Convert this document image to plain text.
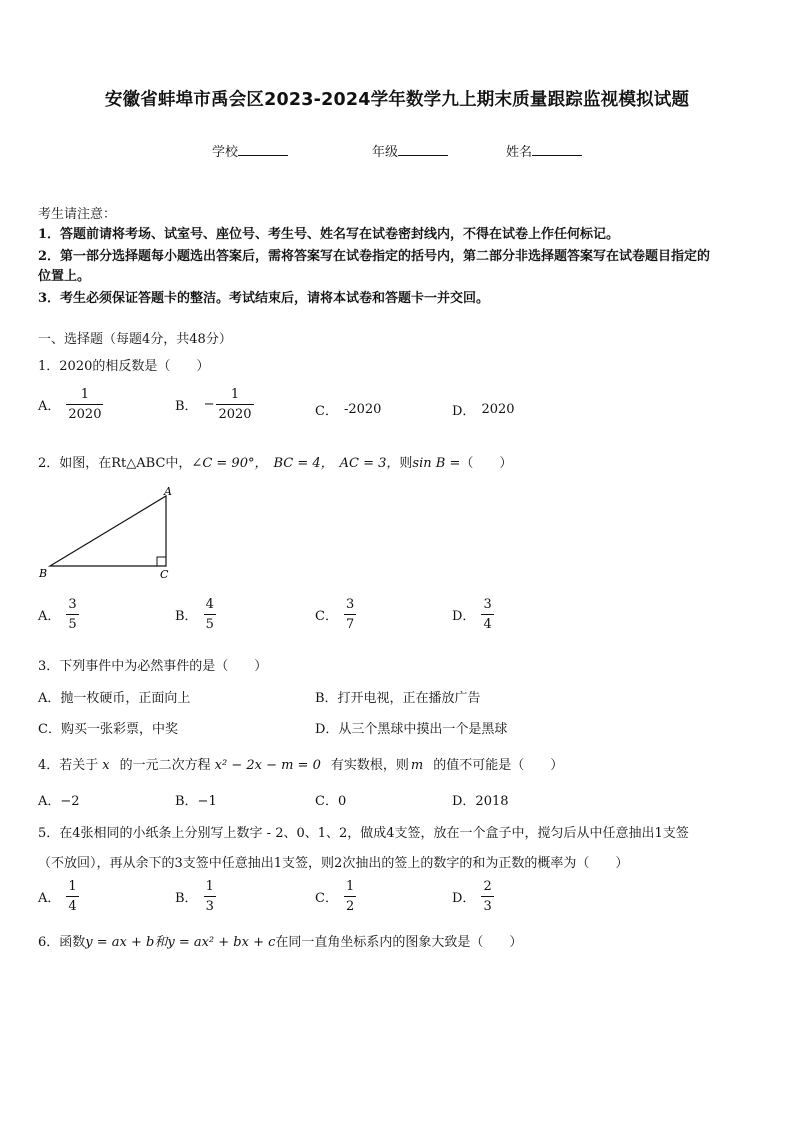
安徽省蚌埠市禹会区2023-2024学年数学九上期末质量跟踪监视模拟试题
学校	年级	姓名
考生请注意：
1．答题前请将考场、试室号、座位号、考生号、姓名写在试卷密封线内，不得在试卷上作任何标记。
2．第一部分选择题每小题选出答案后，需将答案写在试卷指定的括号内，第二部分非选择题答案写在试卷题目指定的
位置上。
3．考生必须保证答题卡的整洁。考试结束后，请将本试卷和答题卡一并交回。
一、选择题（每题4分，共48分）
1．2020的相反数是（　　）
A． $\frac{1}{2020}$	B． − $\frac{1}{2020}$	C． -2020	D． 2020
2．如图，在Rt△ABC中，∠C = 90°， BC = 4， AC = 3，则sin B =（　　）
A
B	C
A． $\frac{3}{5}$	B． $\frac{4}{5}$	C． $\frac{3}{7}$	D． $\frac{3}{4}$
3．下列事件中为必然事件的是（　　）
A．抛一枚硬币，正面向上	B．打开电视，正在播放广告
C．购买一张彩票，中奖	D．从三个黑球中摸出一个是黑球
4．若关于 x 的一元二次方程 x² − 2x − m = 0 有实数根，则 m 的值不可能是（　　）
A．−2	B．−1	C．0	D．2018
5．在4张相同的小纸条上分别写上数字 - 2、0、1、2，做成4支签，放在一个盒子中，搅匀后从中任意抽出1支签
（不放回），再从余下的3支签中任意抽出1支签，则2次抽出的签上的数字的和为正数的概率为（　　）
A． $\frac{1}{4}$	B． $\frac{1}{3}$	C． $\frac{1}{2}$	D． $\frac{2}{3}$
6．函数y = ax + b和y = ax² + bx + c在同一直角坐标系内的图象大致是（　　）
